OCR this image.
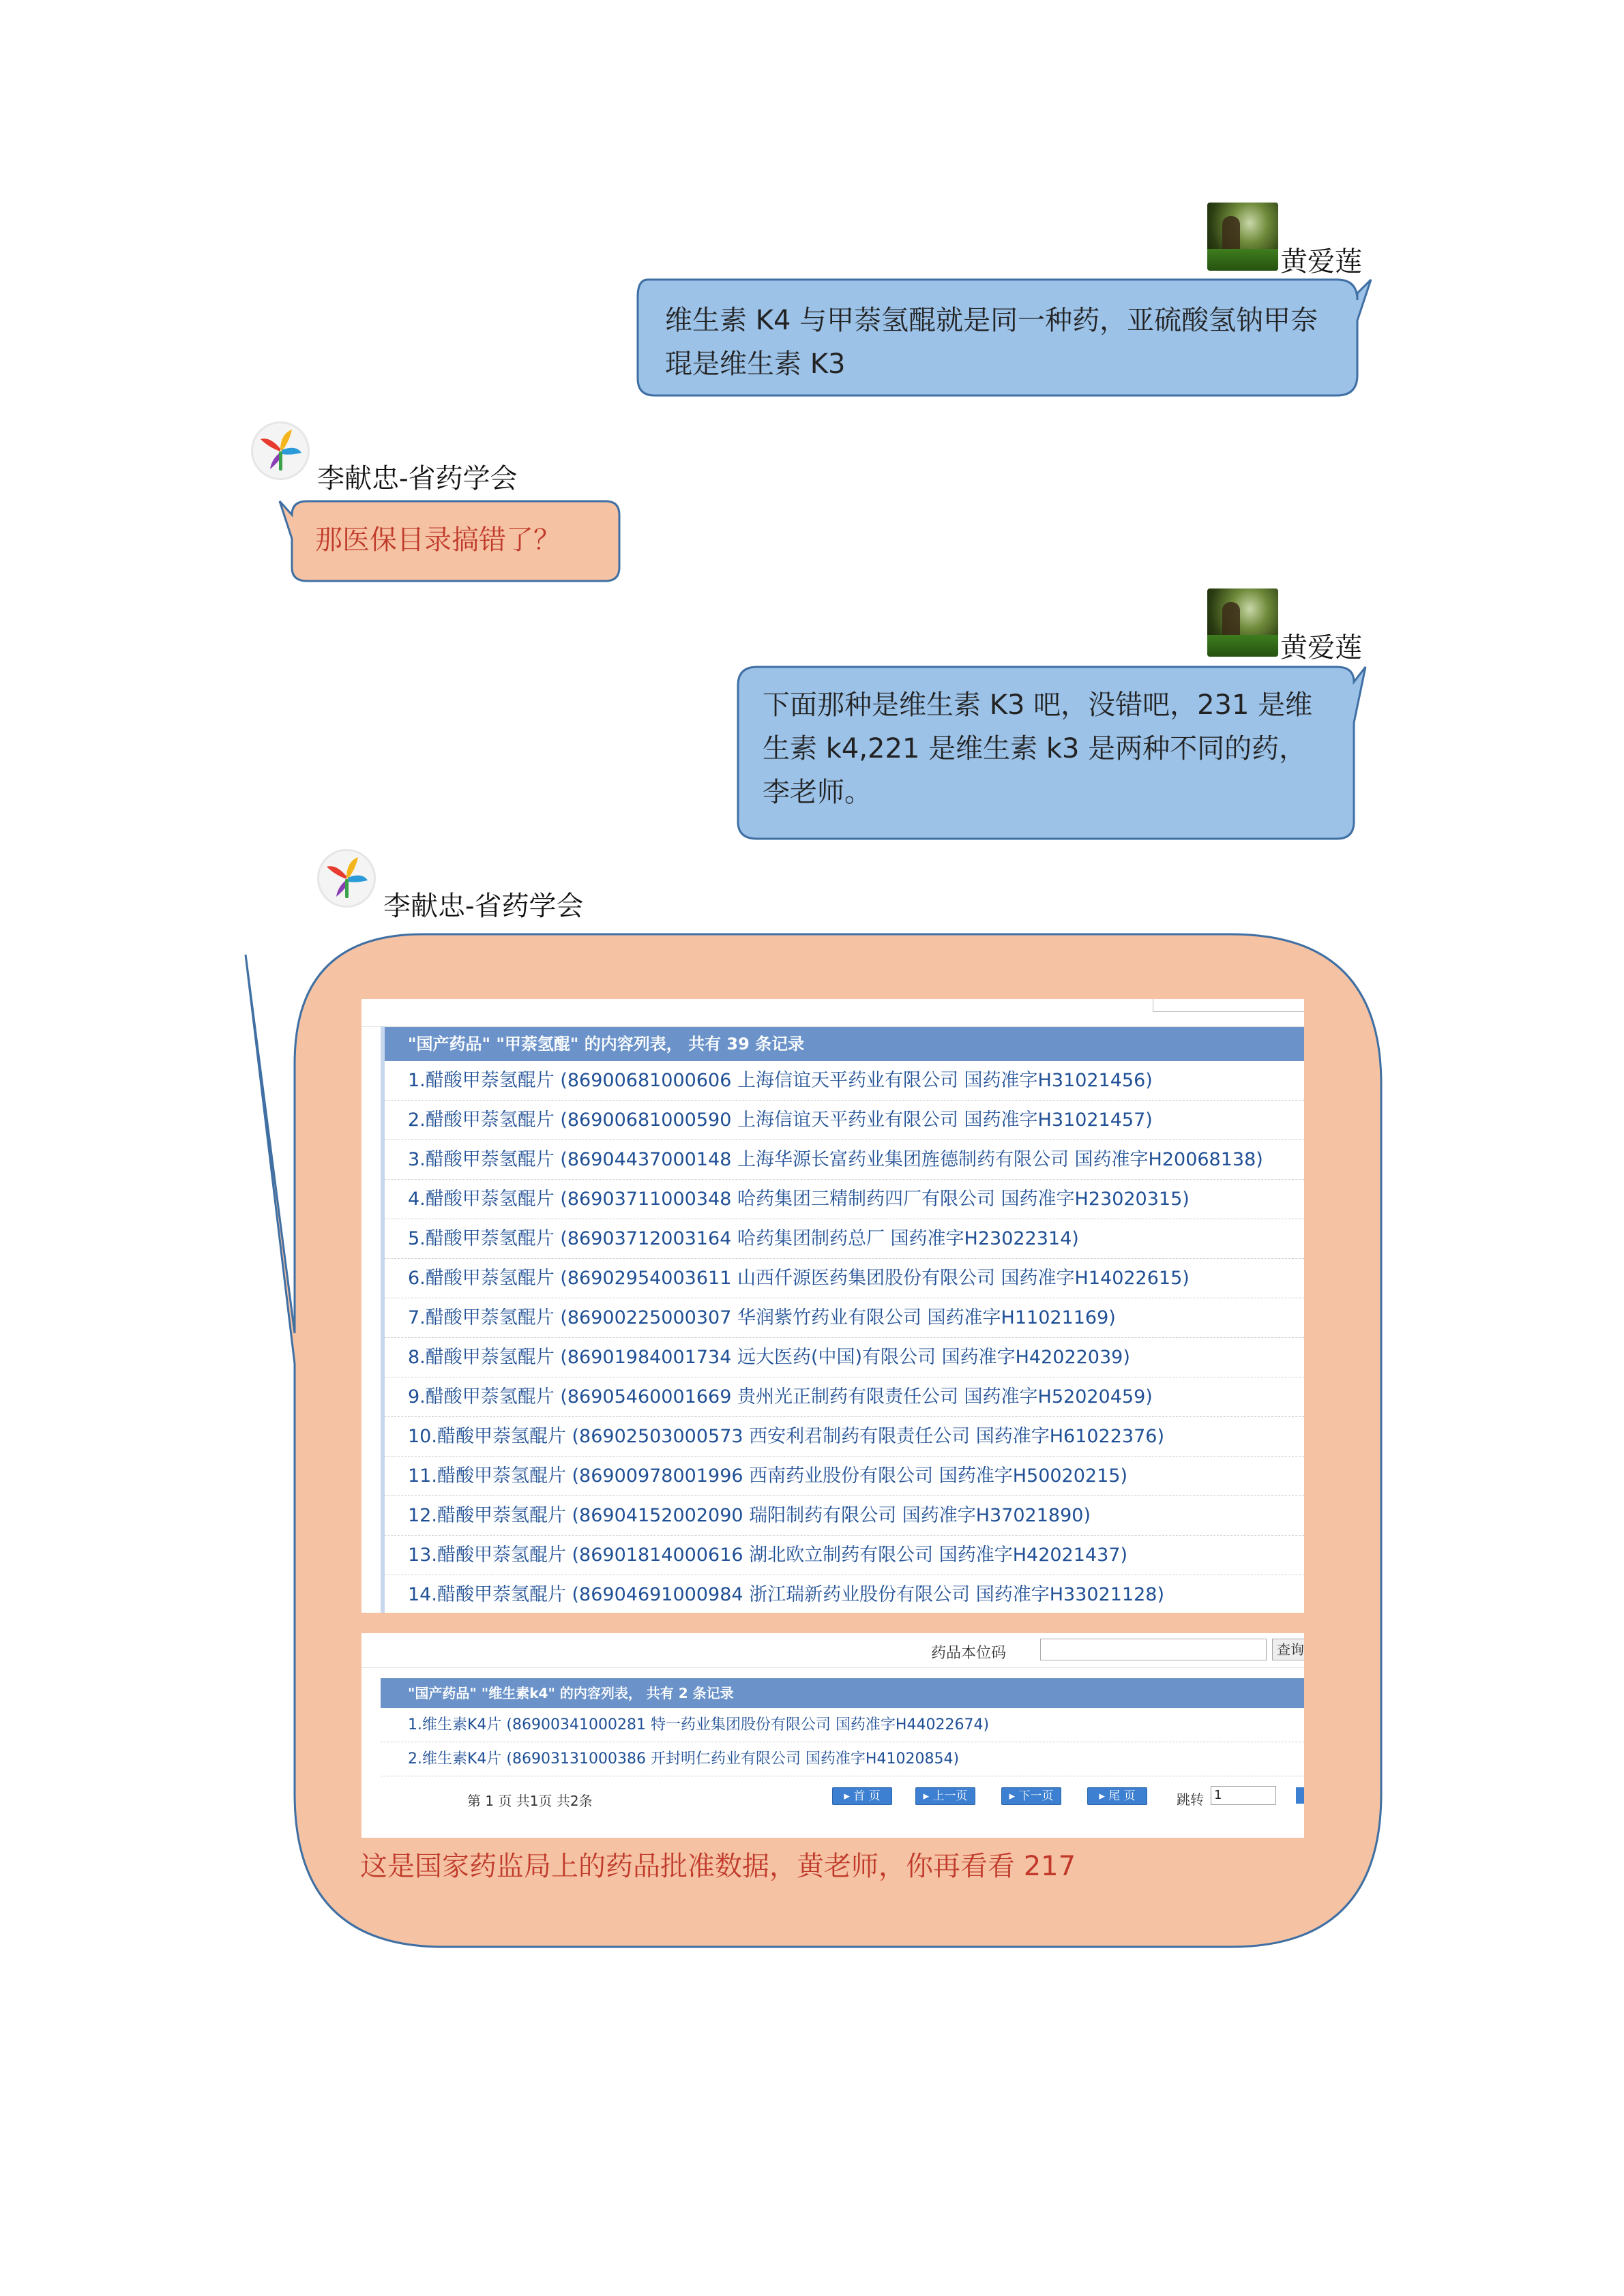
黄爱莲
维生素 K4 与甲萘氢醌就是同一种药，亚硫酸氢钠甲奈琨是维生素 K3
李献忠-省药学会
那医保目录搞错了？
黄爱莲
下面那种是维生素 K3 吧，没错吧，231 是维生素 k4,221 是维生素 k3 是两种不同的药，李老师。
李献忠-省药学会
"国产药品" "甲萘氢醌" 的内容列表， 共有 39 条记录
1.醋酸甲萘氢醌片 (86900681000606 上海信谊天平药业有限公司 国药准字H31021456)
2.醋酸甲萘氢醌片 (86900681000590 上海信谊天平药业有限公司 国药准字H31021457)
3.醋酸甲萘氢醌片 (86904437000148 上海华源长富药业集团旌德制药有限公司 国药准字H20068138)
4.醋酸甲萘氢醌片 (86903711000348 哈药集团三精制药四厂有限公司 国药准字H23020315)
5.醋酸甲萘氢醌片 (86903712003164 哈药集团制药总厂 国药准字H23022314)
6.醋酸甲萘氢醌片 (86902954003611 山西仟源医药集团股份有限公司 国药准字H14022615)
7.醋酸甲萘氢醌片 (86900225000307 华润紫竹药业有限公司 国药准字H11021169)
8.醋酸甲萘氢醌片 (86901984001734 远大医药(中国)有限公司 国药准字H42022039)
9.醋酸甲萘氢醌片 (86905460001669 贵州光正制药有限责任公司 国药准字H52020459)
10.醋酸甲萘氢醌片 (86902503000573 西安利君制药有限责任公司 国药准字H61022376)
11.醋酸甲萘氢醌片 (86900978001996 西南药业股份有限公司 国药准字H50020215)
12.醋酸甲萘氢醌片 (86904152002090 瑞阳制药有限公司 国药准字H37021890)
13.醋酸甲萘氢醌片 (86901814000616 湖北欧立制药有限公司 国药准字H42021437)
14.醋酸甲萘氢醌片 (86904691000984 浙江瑞新药业股份有限公司 国药准字H33021128)
药品本位码	查询
"国产药品" "维生素k4" 的内容列表， 共有 2 条记录
1.维生素K4片 (86900341000281 特一药业集团股份有限公司 国药准字H44022674)
2.维生素K4片 (86903131000386 开封明仁药业有限公司 国药准字H41020854)
第 1 页 共1页 共2条	▸ 首 页	▸ 上一页	▸ 下一页	▸ 尾 页	跳转 1
这是国家药监局上的药品批准数据，黄老师，你再看看 217
